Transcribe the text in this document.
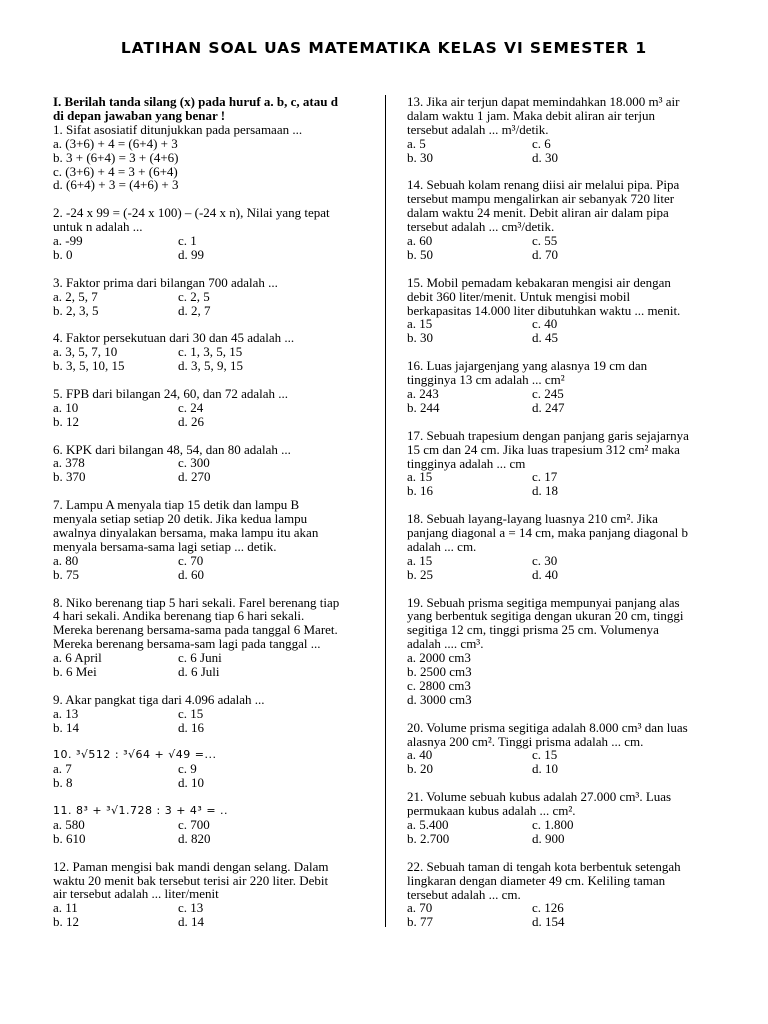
LATIHAN SOAL UAS MATEMATIKA KELAS VI SEMESTER 1
I. Berilah tanda silang (x) pada huruf a. b, c, atau d
di depan jawaban yang benar !
1. Sifat asosiatif ditunjukkan pada persamaan ...
a. (3+6) + 4 = (6+4) + 3
b. 3 + (6+4) = 3 + (4+6)
c. (3+6) + 4 = 3 + (6+4)
d. (6+4) + 3 = (4+6) + 3
2. -24 x 99 = (-24 x 100) – (-24 x n), Nilai yang tepat
untuk n adalah ...
a. -99	c. 1
b. 0	d. 99
3. Faktor prima dari bilangan 700 adalah ...
a. 2, 5, 7	c. 2, 5
b. 2, 3, 5	d. 2, 7
4. Faktor persekutuan dari 30 dan 45 adalah ...
a. 3, 5, 7, 10	c. 1, 3, 5, 15
b. 3, 5, 10, 15	d. 3, 5, 9, 15
5. FPB dari bilangan 24, 60, dan 72 adalah ...
a. 10	c. 24
b. 12	d. 26
6. KPK dari bilangan 48, 54, dan 80 adalah ...
a. 378	c. 300
b. 370	d. 270
7. Lampu A menyala tiap 15 detik dan lampu B
menyala setiap setiap 20 detik. Jika kedua lampu
awalnya dinyalakan bersama, maka lampu itu akan
menyala bersama-sama lagi setiap ... detik.
a. 80	c. 70
b. 75	d. 60
8. Niko berenang tiap 5 hari sekali. Farel berenang tiap
4 hari sekali. Andika berenang tiap 6 hari sekali.
Mereka berenang bersama-sama pada tanggal 6 Maret.
Mereka berenang bersama-sam lagi pada tanggal ...
a. 6 April	c. 6 Juni
b. 6 Mei	d. 6 Juli
9. Akar pangkat tiga dari 4.096 adalah ...
a. 13	c. 15
b. 14	d. 16
10. ³√512 : ³√64 + √49 =...
a. 7	c. 9
b. 8	d. 10
11. 8³ + ³√1.728 : 3 + 4³ = ..
a. 580	c. 700
b. 610	d. 820
12. Paman mengisi bak mandi dengan selang. Dalam
waktu 20 menit bak tersebut terisi air 220 liter. Debit
air tersebut adalah ... liter/menit
a. 11	c. 13
b. 12	d. 14
13. Jika air terjun dapat memindahkan 18.000 m³ air
dalam waktu 1 jam. Maka debit aliran air terjun
tersebut adalah ... m³/detik.
a. 5	c. 6
b. 30	d. 30
14. Sebuah kolam renang diisi air melalui pipa. Pipa
tersebut mampu mengalirkan air sebanyak 720 liter
dalam waktu 24 menit. Debit aliran air dalam pipa
tersebut adalah ... cm³/detik.
a. 60	c. 55
b. 50	d. 70
15. Mobil pemadam kebakaran mengisi air dengan
debit 360 liter/menit. Untuk mengisi mobil
berkapasitas 14.000 liter dibutuhkan waktu ... menit.
a. 15	c. 40
b. 30	d. 45
16. Luas jajargenjang yang alasnya 19 cm dan
tingginya 13 cm adalah ... cm²
a. 243	c. 245
b. 244	d. 247
17. Sebuah trapesium dengan panjang garis sejajarnya
15 cm dan 24 cm. Jika luas trapesium 312 cm² maka
tingginya adalah ... cm
a. 15	c. 17
b. 16	d. 18
18. Sebuah layang-layang luasnya 210 cm². Jika
panjang diagonal a = 14 cm, maka panjang diagonal b
adalah ... cm.
a. 15	c. 30
b. 25	d. 40
19. Sebuah prisma segitiga mempunyai panjang alas
yang berbentuk segitiga dengan ukuran 20 cm, tinggi
segitiga 12 cm, tinggi prisma 25 cm. Volumenya
adalah .... cm³.
a. 2000 cm3
b. 2500 cm3
c. 2800 cm3
d. 3000 cm3
20. Volume prisma segitiga adalah 8.000 cm³ dan luas
alasnya 200 cm². Tinggi prisma adalah ... cm.
a. 40	c. 15
b. 20	d. 10
21. Volume sebuah kubus adalah 27.000 cm³. Luas
permukaan kubus adalah ... cm².
a. 5.400	c. 1.800
b. 2.700	d. 900
22. Sebuah taman di tengah kota berbentuk setengah
lingkaran dengan diameter 49 cm. Keliling taman
tersebut adalah ... cm.
a. 70	c. 126
b. 77	d. 154
